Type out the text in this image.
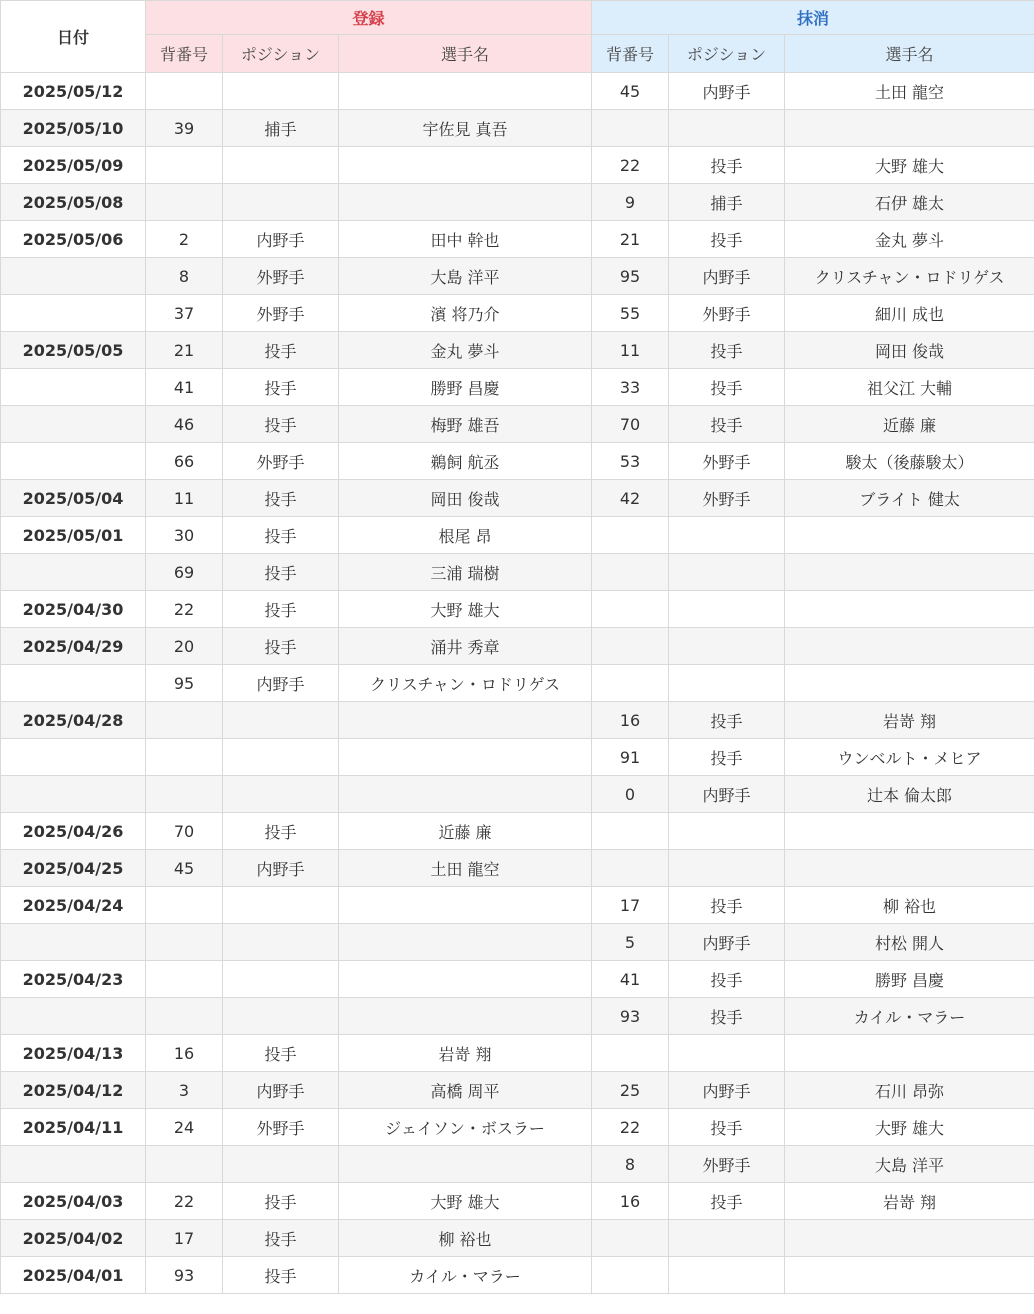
日付	登録			抹消		
	背番号	ポジション	選手名	背番号	ポジション	選手名
2025/05/12				45	内野手	土田 龍空
2025/05/10	39	捕手	宇佐見 真吾			
2025/05/09				22	投手	大野 雄大
2025/05/08				9	捕手	石伊 雄太
2025/05/06	2	内野手	田中 幹也	21	投手	金丸 夢斗
	8	外野手	大島 洋平	95	内野手	クリスチャン・ロドリゲス
	37	外野手	濱 将乃介	55	外野手	細川 成也
2025/05/05	21	投手	金丸 夢斗	11	投手	岡田 俊哉
	41	投手	勝野 昌慶	33	投手	祖父江 大輔
	46	投手	梅野 雄吾	70	投手	近藤 廉
	66	外野手	鵜飼 航丞	53	外野手	駿太（後藤駿太）
2025/05/04	11	投手	岡田 俊哉	42	外野手	ブライト 健太
2025/05/01	30	投手	根尾 昂			
	69	投手	三浦 瑞樹			
2025/04/30	22	投手	大野 雄大			
2025/04/29	20	投手	涌井 秀章			
	95	内野手	クリスチャン・ロドリゲス			
2025/04/28				16	投手	岩嵜 翔
				91	投手	ウンベルト・メヒア
				0	内野手	辻本 倫太郎
2025/04/26	70	投手	近藤 廉			
2025/04/25	45	内野手	土田 龍空			
2025/04/24				17	投手	柳 裕也
				5	内野手	村松 開人
2025/04/23				41	投手	勝野 昌慶
				93	投手	カイル・マラー
2025/04/13	16	投手	岩嵜 翔			
2025/04/12	3	内野手	高橋 周平	25	内野手	石川 昂弥
2025/04/11	24	外野手	ジェイソン・ボスラー	22	投手	大野 雄大
				8	外野手	大島 洋平
2025/04/03	22	投手	大野 雄大	16	投手	岩嵜 翔
2025/04/02	17	投手	柳 裕也			
2025/04/01	93	投手	カイル・マラー			
